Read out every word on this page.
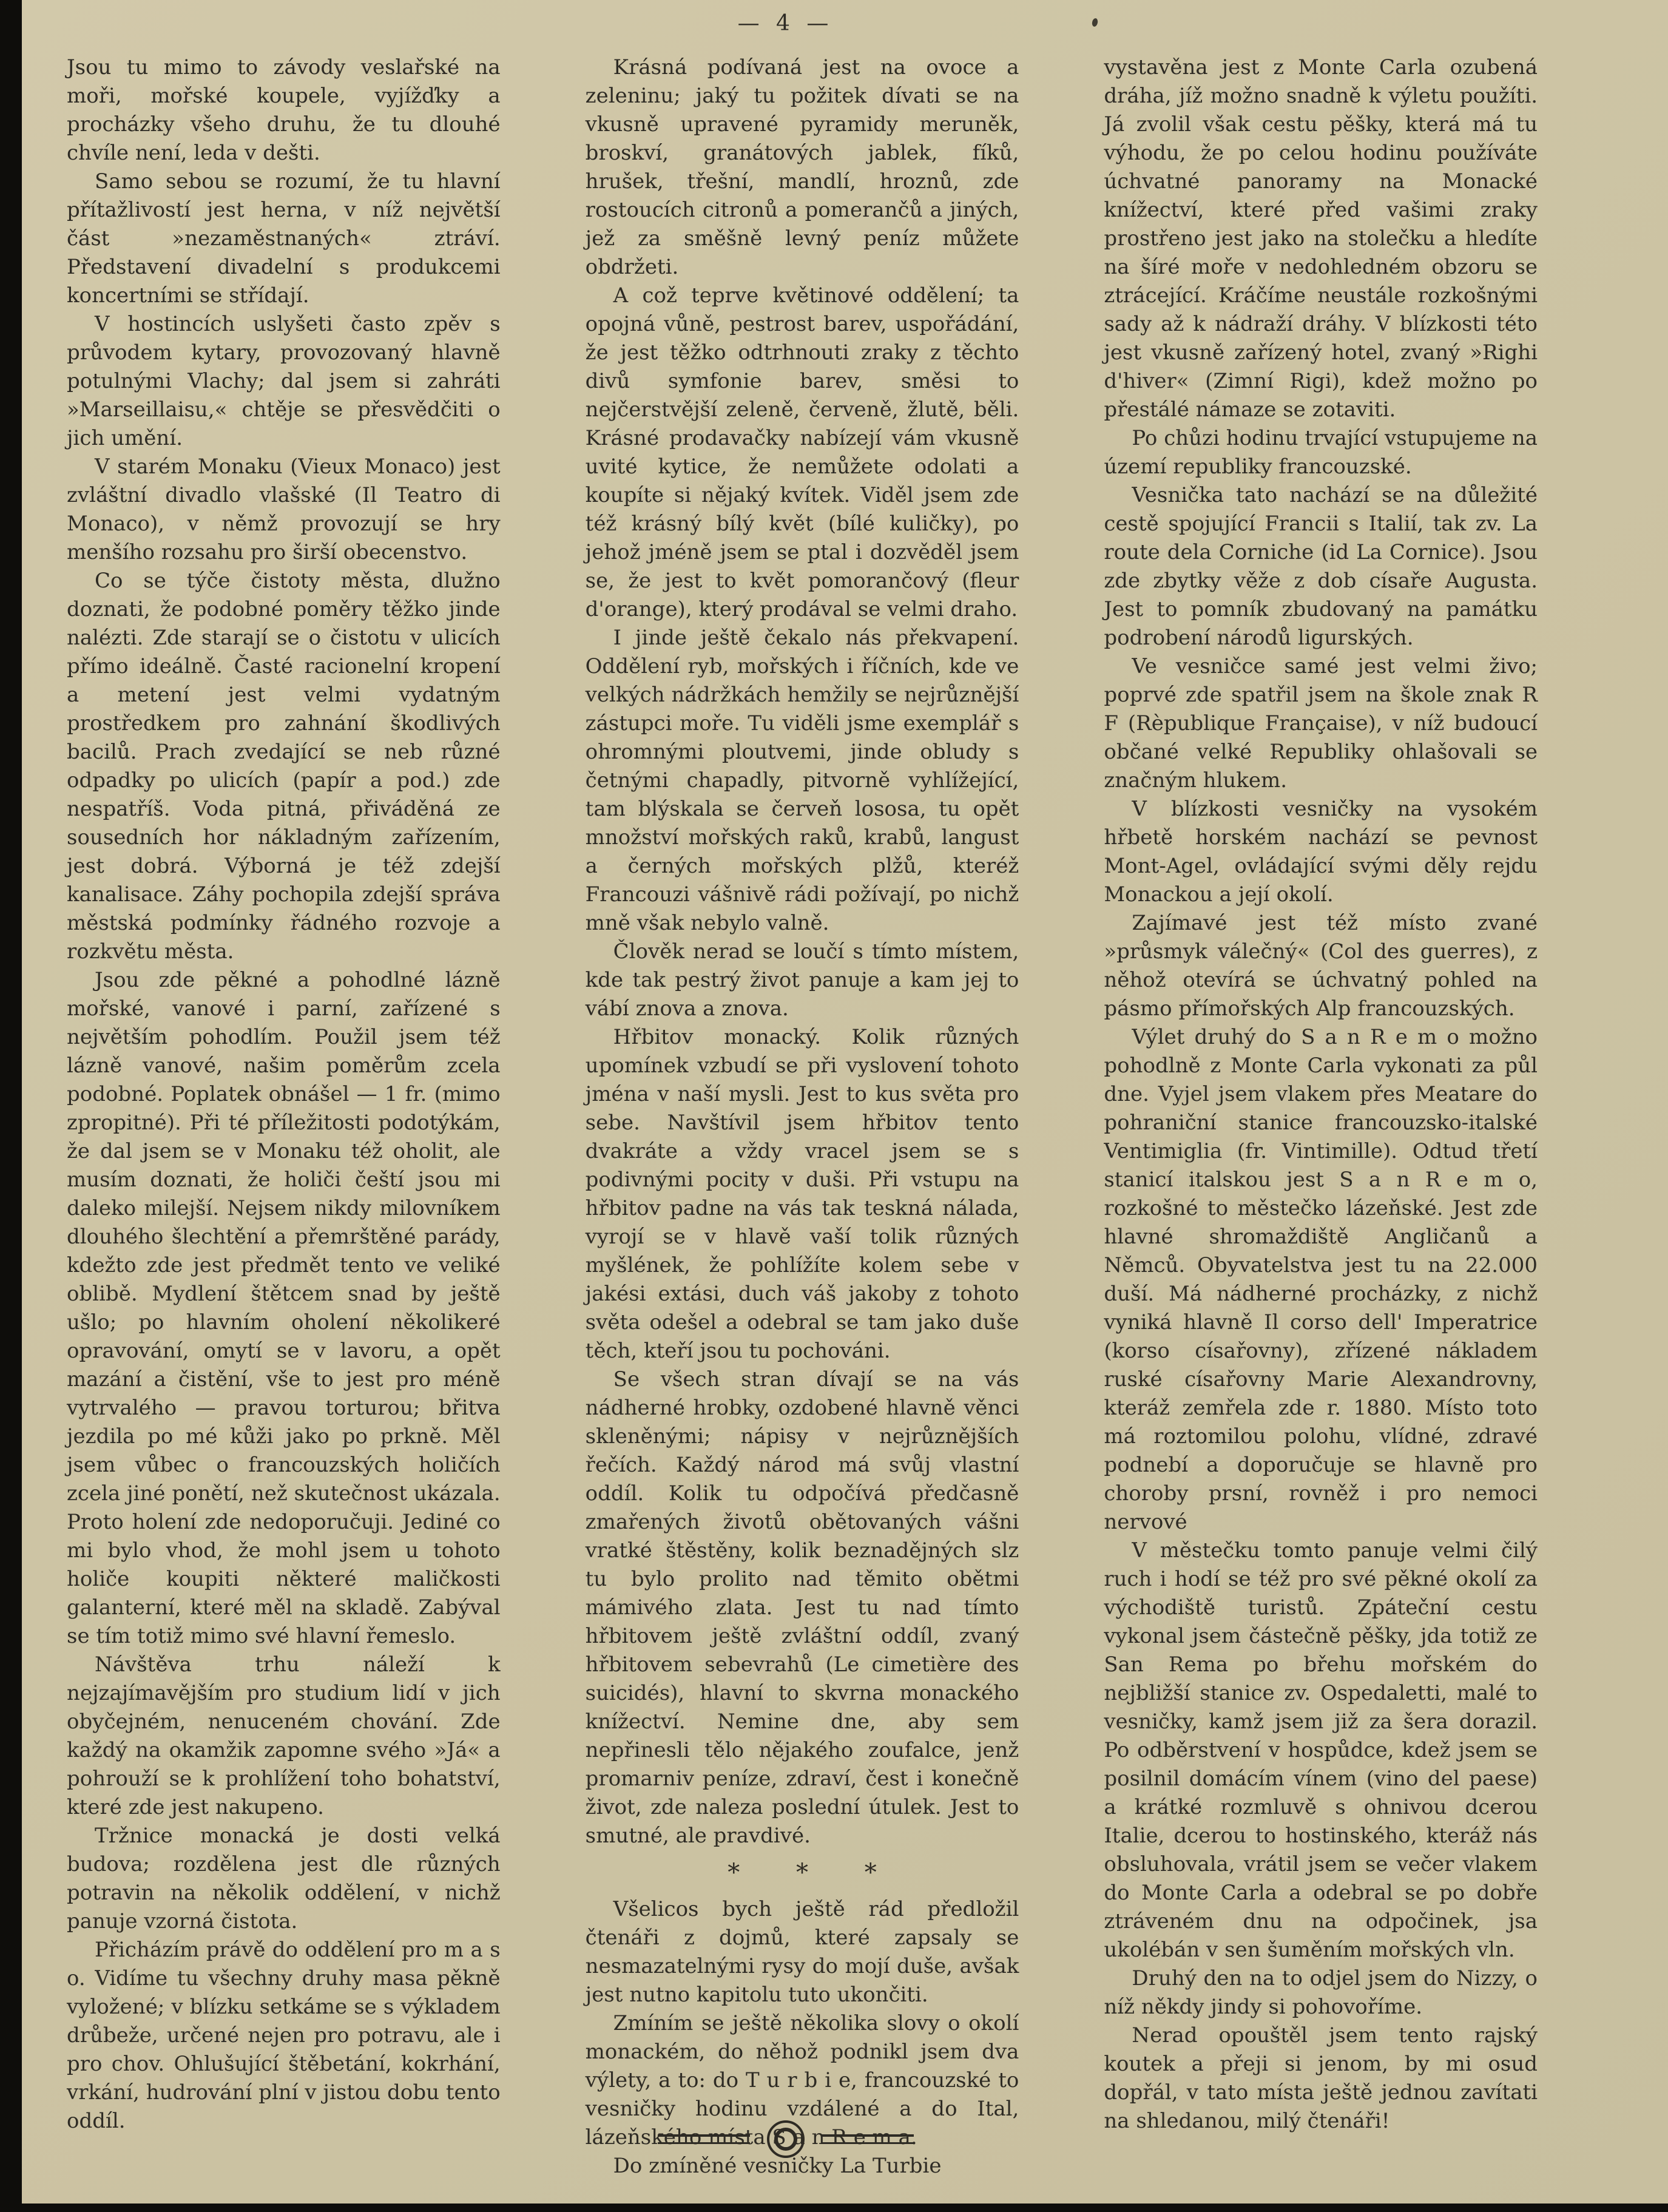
— 4 —

Jsou tu mimo to závody veslařské na moři, mořské koupele, vyjížďky a procházky všeho druhu, že tu dlouhé chvíle není, leda v dešti.

Samo sebou se rozumí, že tu hlavní přítažlivostí jest herna, v níž největší část »nezaměstnaných« ztráví. Představení divadelní s produkcemi koncertními se střídají.

V hostincích uslyšeti často zpěv s průvodem kytary, provozovaný hlavně potulnými Vlachy; dal jsem si zahráti »Marseillaisu,« chtěje se přesvědčiti o jich umění.

V starém Monaku (Vieux Monaco) jest zvláštní divadlo vlašské (Il Teatro di Monaco), v němž provozují se hry menšího rozsahu pro širší obecenstvo.

Co se týče čistoty města, dlužno doznati, že podobné poměry těžko jinde nalézti. Zde starají se o čistotu v ulicích přímo ideálně. Časté racionelní kropení a metení jest velmi vydatným prostředkem pro zahnání škodlivých bacilů. Prach zvedající se neb různé odpadky po ulicích (papír a pod.) zde nespatříš. Voda pitná, přiváděná ze sousedních hor nákladným zařízením, jest dobrá. Výborná je též zdejší kanalisace. Záhy pochopila zdejší správa městská podmínky řádného rozvoje a rozkvětu města.

Jsou zde pěkné a pohodlné lázně mořské, vanové i parní, zařízené s největším pohodlím. Použil jsem též lázně vanové, našim poměrům zcela podobné. Poplatek obnášel — 1 fr. (mimo zpropitné). Při té příležitosti podotýkám, že dal jsem se v Monaku též oholit, ale musím doznati, že holiči čeští jsou mi daleko milejší. Nejsem nikdy milovníkem dlouhého šlechtění a přemrštěné parády, kdežto zde jest předmět tento ve veliké oblibě. Mydlení štětcem snad by ještě ušlo; po hlavním oholení několikeré opravování, omytí se v lavoru, a opět mazání a čistění, vše to jest pro méně vytrvalého — pravou torturou; břitva jezdila po mé kůži jako po prkně. Měl jsem vůbec o francouzských holičích zcela jiné ponětí, než skutečnost ukázala. Proto holení zde nedoporučuji. Jediné co mi bylo vhod, že mohl jsem u tohoto holiče koupiti některé maličkosti galanterní, které měl na skladě. Zabýval se tím totiž mimo své hlavní řemeslo.

Návštěva trhu náleží k nejzajímavějším pro studium lidí v jich obyčejném, nenuceném chování. Zde každý na okamžik zapomne svého »Já« a pohrouží se k prohlížení toho bohatství, které zde jest nakupeno.

Tržnice monacká je dosti velká budova; rozdělena jest dle různých potravin na několik oddělení, v nichž panuje vzorná čistota.

Přicházím právě do oddělení pro m a s o. Vidíme tu všechny druhy masa pěkně vyložené; v blízku setkáme se s výkladem drůbeže, určené nejen pro potravu, ale i pro chov. Ohlušující štěbetání, kokrhání, vrkání, hudrování plní v jistou dobu tento oddíl.

Krásná podívaná jest na ovoce a zeleninu; jaký tu požitek dívati se na vkusně upravené pyramidy meruněk, broskví, granátových jablek, fíků, hrušek, třešní, mandlí, hroznů, zde rostoucích citronů a pomerančů a jiných, jež za směšně levný peníz můžete obdržeti.

A což teprve květinové oddělení; ta opojná vůně, pestrost barev, uspořádání, že jest těžko odtrhnouti zraky z těchto divů symfonie barev, směsi to nejčerstvější zeleně, červeně, žlutě, běli. Krásné prodavačky nabízejí vám vkusně uvité kytice, že nemůžete odolati a koupíte si nějaký kvítek. Viděl jsem zde též krásný bílý květ (bílé kuličky), po jehož jméně jsem se ptal i dozvěděl jsem se, že jest to květ pomorančový (fleur d'orange), který prodával se velmi draho.

I jinde ještě čekalo nás překvapení. Oddělení ryb, mořských i říčních, kde ve velkých nádržkách hemžily se nejrůznější zástupci moře. Tu viděli jsme exemplář s ohromnými ploutvemi, jinde obludy s četnými chapadly, pitvorně vyhlížející, tam blýskala se červeň lososa, tu opět množství mořských raků, krabů, langust a černých mořských plžů, kteréž Francouzi vášnivě rádi požívají, po nichž mně však nebylo valně.

Člověk nerad se loučí s tímto místem, kde tak pestrý život panuje a kam jej to vábí znova a znova.

Hřbitov monacký. Kolik různých upomínek vzbudí se při vyslovení tohoto jména v naší mysli. Jest to kus světa pro sebe. Navštívil jsem hřbitov tento dvakráte a vždy vracel jsem se s podivnými pocity v duši. Při vstupu na hřbitov padne na vás tak teskná nálada, vyrojí se v hlavě vaší tolik různých myšlének, že pohlížíte kolem sebe v jakési extási, duch váš jakoby z tohoto světa odešel a odebral se tam jako duše těch, kteří jsou tu pochováni.

Se všech stran dívají se na vás nádherné hrobky, ozdobené hlavně věnci skleněnými; nápisy v nejrůznějších řečích. Každý národ má svůj vlastní oddíl. Kolik tu odpočívá předčasně zmařených životů obětovaných vášni vratké štěstěny, kolik beznadějných slz tu bylo prolito nad těmito obětmi mámivého zlata. Jest tu nad tímto hřbitovem ještě zvláštní oddíl, zvaný hřbitovem sebevrahů (Le cimetière des suicidés), hlavní to skvrna monackého knížectví. Nemine dne, aby sem nepřinesli tělo nějakého zoufalce, jenž promarniv peníze, zdraví, čest i konečně život, zde naleza poslední útulek. Jest to smutné, ale pravdivé.

* * *

Všelicos bych ještě rád předložil čtenáři z dojmů, které zapsaly se nesmazatelnými rysy do mojí duše, avšak jest nutno kapitolu tuto ukončiti.

Zmíním se ještě několika slovy o okolí monackém, do něhož podnikl jsem dva výlety, a to: do T u r b i e, francouzské to vesničky hodinu vzdálené a do Ital, lázeňského místa S a n R e m a.

Do zmíněné vesničky La Turbie

vystavěna jest z Monte Carla ozubená dráha, jíž možno snadně k výletu použíti. Já zvolil však cestu pěšky, která má tu výhodu, že po celou hodinu používáte úchvatné panoramy na Monacké knížectví, které před vašimi zraky prostřeno jest jako na stolečku a hledíte na šíré moře v nedohledném obzoru se ztrácející. Kráčíme neustále rozkošnými sady až k nádraží dráhy. V blízkosti této jest vkusně zařízený hotel, zvaný »Righi d'hiver« (Zimní Rigi), kdež možno po přestálé námaze se zotaviti.

Po chůzi hodinu trvající vstupujeme na území republiky francouzské.

Vesnička tato nachází se na důležité cestě spojující Francii s Italií, tak zv. La route dela Corniche (id La Cornice). Jsou zde zbytky věže z dob císaře Augusta. Jest to pomník zbudovaný na památku podrobení národů ligurských.

Ve vesničce samé jest velmi živo; poprvé zde spatřil jsem na škole znak R F (Rèpublique Française), v níž budoucí občané velké Republiky ohlašovali se značným hlukem.

V blízkosti vesničky na vysokém hřbetě horském nachází se pevnost Mont-Agel, ovládající svými děly rejdu Monackou a její okolí.

Zajímavé jest též místo zvané »průsmyk válečný« (Col des guerres), z něhož otevírá se úchvatný pohled na pásmo přímořských Alp francouzských.

Výlet druhý do S a n R e m o možno pohodlně z Monte Carla vykonati za půl dne. Vyjel jsem vlakem přes Meatare do pohraniční stanice francouzsko-italské Ventimiglia (fr. Vintimille). Odtud třetí stanicí italskou jest S a n R e m o, rozkošné to městečko lázeňské. Jest zde hlavné shromaždiště Angličanů a Němců. Obyvatelstva jest tu na 22.000 duší. Má nádherné procházky, z nichž vyniká hlavně Il corso dell' Imperatrice (korso císařovny), zřízené nákladem ruské císařovny Marie Alexandrovny, kteráž zemřela zde r. 1880. Místo toto má roztomilou polohu, vlídné, zdravé podnebí a doporučuje se hlavně pro choroby prsní, rovněž i pro nemoci nervové

V městečku tomto panuje velmi čilý ruch i hodí se též pro své pěkné okolí za východiště turistů. Zpáteční cestu vykonal jsem částečně pěšky, jda totiž ze San Rema po břehu mořském do nejbližší stanice zv. Ospedaletti, malé to vesničky, kamž jsem již za šera dorazil. Po odběrstvení v hospůdce, kdež jsem se posilnil domácím vínem (vino del paese) a krátké rozmluvě s ohnivou dcerou Italie, dcerou to hostinského, kteráž nás obsluhovala, vrátil jsem se večer vlakem do Monte Carla a odebral se po dobře ztráveném dnu na odpočinek, jsa ukolébán v sen šuměním mořských vln.

Druhý den na to odjel jsem do Nizzy, o níž někdy jindy si pohovoříme.

Nerad opouštěl jsem tento rajský koutek a přeji si jenom, by mi osud dopřál, v tato místa ještě jednou zavítati na shledanou, milý čtenáři!
